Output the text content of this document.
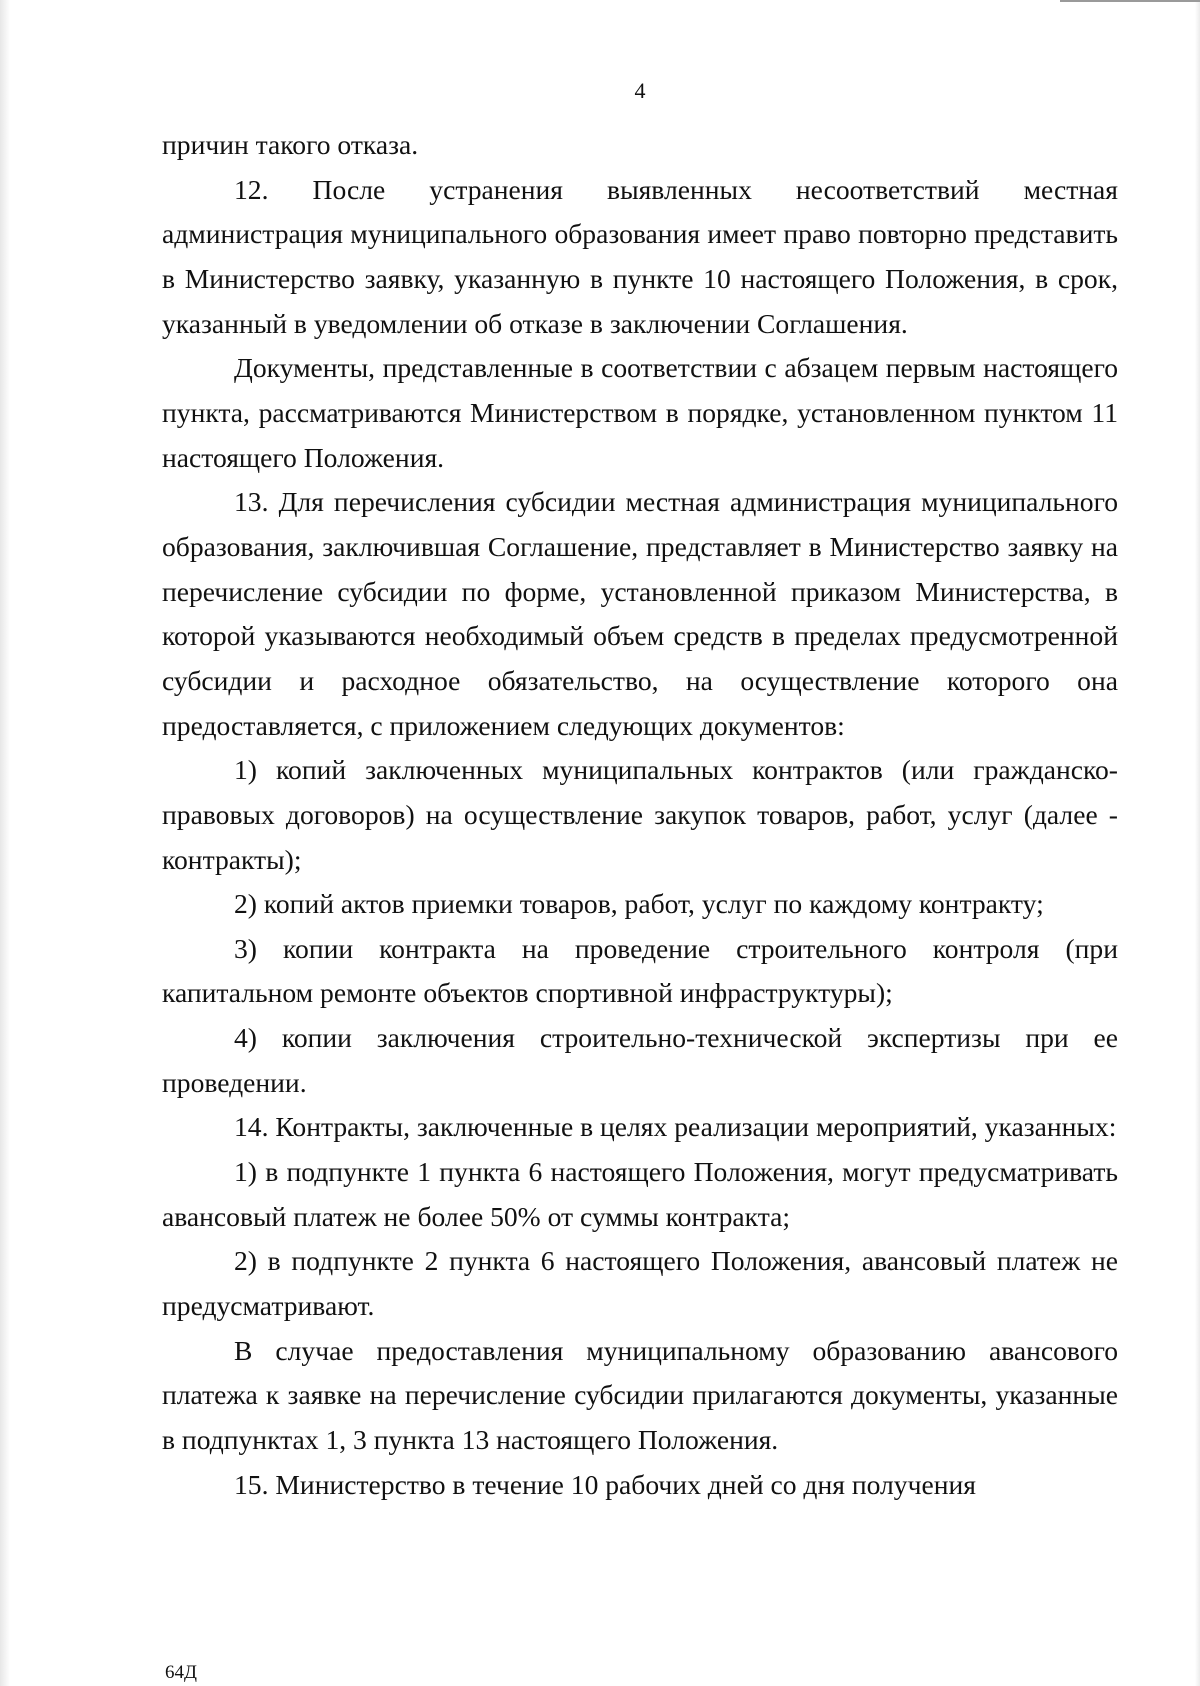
4

причин такого отказа.

12. После устранения выявленных несоответствий местная администрация муниципального образования имеет право повторно представить в Министерство заявку, указанную в пункте 10 настоящего Положения, в срок, указанный в уведомлении об отказе в заключении Соглашения.

Документы, представленные в соответствии с абзацем первым настоящего пункта, рассматриваются Министерством в порядке, установленном пунктом 11 настоящего Положения.

13. Для перечисления субсидии местная администрация муниципального образования, заключившая Соглашение, представляет в Министерство заявку на перечисление субсидии по форме, установленной приказом Министерства, в которой указываются необходимый объем средств в пределах предусмотренной субсидии и расходное обязательство, на осуществление которого она предоставляется, с приложением следующих документов:

1) копий заключенных муниципальных контрактов (или гражданско-правовых договоров) на осуществление закупок товаров, работ, услуг (далее - контракты);

2) копий актов приемки товаров, работ, услуг по каждому контракту;

3) копии контракта на проведение строительного контроля (при капитальном ремонте объектов спортивной инфраструктуры);

4) копии заключения строительно-технической экспертизы при ее проведении.

14. Контракты, заключенные в целях реализации мероприятий, указанных:

1) в подпункте 1 пункта 6 настоящего Положения, могут предусматривать авансовый платеж не более 50% от суммы контракта;

2) в подпункте 2 пункта 6 настоящего Положения, авансовый платеж не предусматривают.

В случае предоставления муниципальному образованию авансового платежа к заявке на перечисление субсидии прилагаются документы, указанные в подпунктах 1, 3 пункта 13 настоящего Положения.

15. Министерство в течение 10 рабочих дней со дня получения

64Д
